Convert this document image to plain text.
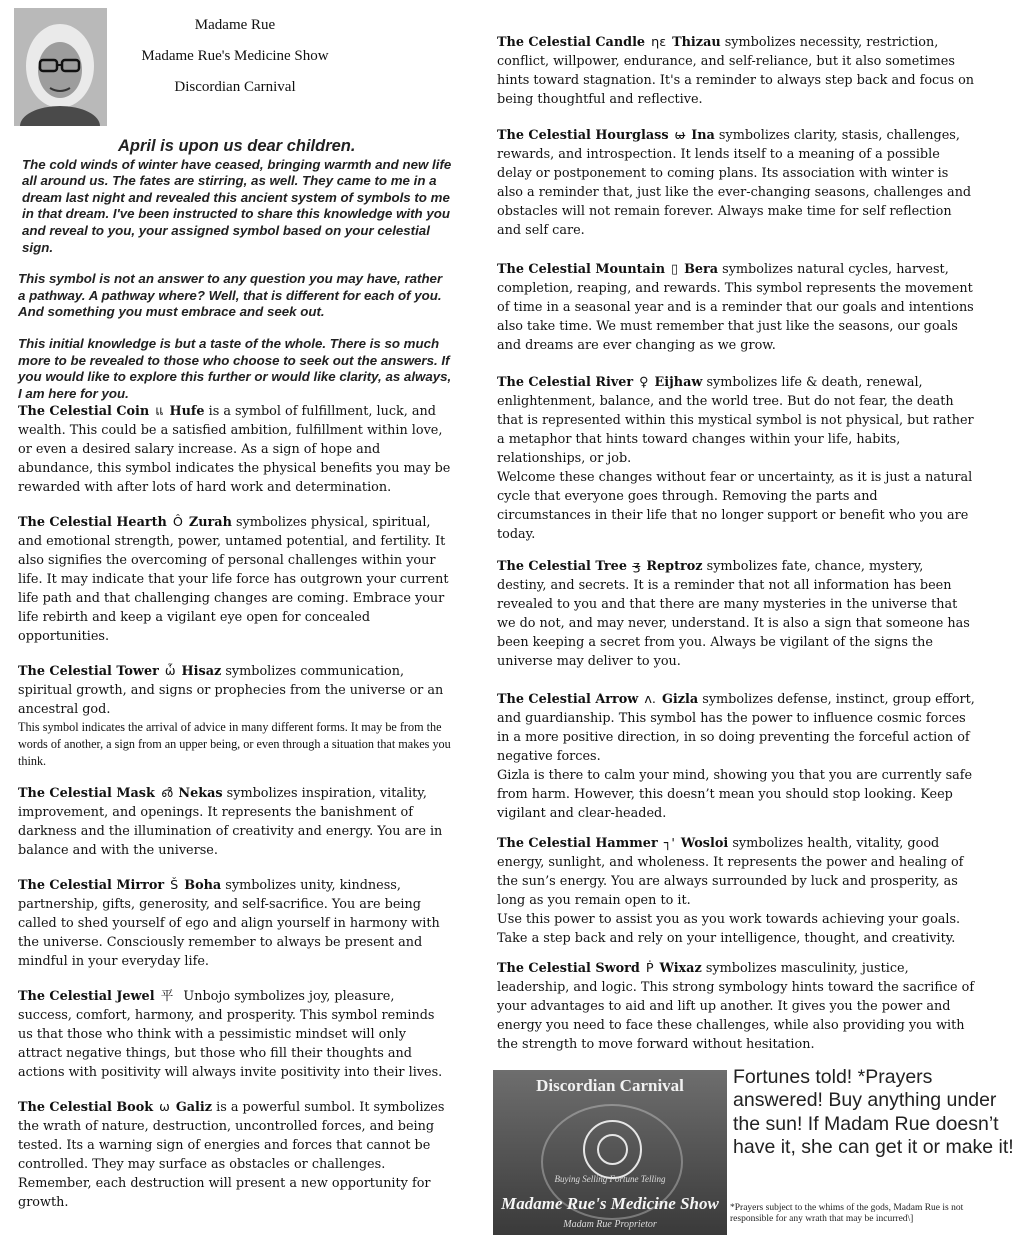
Madame Rue
Madame Rue's Medicine Show
Discordian Carnival
April is upon us dear children.

The cold winds of winter have ceased, bringing warmth and new life all around us. The fates are stirring, as well. They came to me in a dream last night and revealed this ancient system of symbols to me in that dream. I've been instructed to share this knowledge with you and reveal to you, your assigned symbol based on your celestial sign.

This symbol is not an answer to any question you may have, rather a pathway. A pathway where? Well, that is different for each of you. And something you must embrace and seek out.

This initial knowledge is but a taste of the whole. There is so much more to be revealed to those who choose to seek out the answers. If you would like to explore this further or would like clarity, as always, I am here for you.

The Celestial Coin แ Hufe is a symbol of fulfillment, luck, and wealth. This could be a satisfied ambition, fulfillment within love, or even a desired salary increase. As a sign of hope and abundance, this symbol indicates the physical benefits you may be rewarded with after lots of hard work and determination.
The Celestial Hearth Ô Zurah symbolizes physical, spiritual, and emotional strength, power, untamed potential, and fertility. It also signifies the overcoming of personal challenges within your life. It may indicate that your life force has outgrown your current life path and that challenging changes are coming. Embrace your life rebirth and keep a vigilant eye open for concealed opportunities.
The Celestial Tower ὧ Hisaz symbolizes communication, spiritual growth, and signs or prophecies from the universe or an ancestral god.
This symbol indicates the arrival of advice in many different forms. It may be from the words of another, a sign from an upper being, or even through a situation that makes you think.
The Celestial Mask ൴ Nekas symbolizes inspiration, vitality, improvement, and openings. It represents the banishment of darkness and the illumination of creativity and energy. You are in balance and with the universe.
The Celestial Mirror Š Boha symbolizes unity, kindness, partnership, gifts, generosity, and self-sacrifice. You are being called to shed yourself of ego and align yourself in harmony with the universe. Consciously remember to always be present and mindful in your everyday life.
The Celestial Jewel 平 Unbojo symbolizes joy, pleasure, success, comfort, harmony, and prosperity. This symbol reminds us that those who think with a pessimistic mindset will only attract negative things, but those who fill their thoughts and actions with positivity will always invite positivity into their lives.
The Celestial Book ω Galiz is a powerful sumbol. It symbolizes the wrath of nature, destruction, uncontrolled forces, and being tested. Its a warning sign of energies and forces that cannot be controlled. They may surface as obstacles or challenges. Remember, each destruction will present a new opportunity for growth.
The Celestial Candle ηε Thizau symbolizes necessity, restriction, conflict, willpower, endurance, and self-reliance, but it also sometimes hints toward stagnation. It's a reminder to always step back and focus on being thoughtful and reflective.
The Celestial Hourglass ω̶ Ina symbolizes clarity, stasis, challenges, rewards, and introspection. It lends itself to a meaning of a possible delay or postponement to coming plans. Its association with winter is also a reminder that, just like the ever-changing seasons, challenges and obstacles will not remain forever. Always make time for self reflection and self care.
The Celestial Mountain ▯ Bera symbolizes natural cycles, harvest, completion, reaping, and rewards. This symbol represents the movement of time in a seasonal year and is a reminder that our goals and intentions also take time. We must remember that just like the seasons, our goals and dreams are ever changing as we grow.
The Celestial River ♀ Eijhaw symbolizes life & death, renewal, enlightenment, balance, and the world tree. But do not fear, the death that is represented within this mystical symbol is not physical, but rather a metaphor that hints toward changes within your life, habits, relationships, or job.
Welcome these changes without fear or uncertainty, as it is just a natural cycle that everyone goes through. Removing the parts and circumstances in their life that no longer support or benefit who you are today.
The Celestial Tree ʒ̶ Reptroz symbolizes fate, chance, mystery, destiny, and secrets. It is a reminder that not all information has been revealed to you and that there are many mysteries in the universe that we do not, and may never, understand. It is also a sign that someone has been keeping a secret from you. Always be vigilant of the signs the universe may deliver to you.
The Celestial Arrow ʌ. Gizla symbolizes defense, instinct, group effort, and guardianship. This symbol has the power to influence cosmic forces in a more positive direction, in so doing preventing the forceful action of negative forces.
Gizla is there to calm your mind, showing you that you are currently safe from harm. However, this doesn’t mean you should stop looking. Keep vigilant and clear-headed.
The Celestial Hammer ┐' Wosloi symbolizes health, vitality, good energy, sunlight, and wholeness. It represents the power and healing of the sun’s energy. You are always surrounded by luck and prosperity, as long as you remain open to it.
Use this power to assist you as you work towards achieving your goals. Take a step back and rely on your intelligence, thought, and creativity.
The Celestial Sword Ṗ Wixaz symbolizes masculinity, justice, leadership, and logic. This strong symbology hints toward the sacrifice of your advantages to aid and lift up another. It gives you the power and energy you need to face these challenges, while also providing you with the strength to move forward without hesitation.
Discordian Carnival
Buying Selling Fortune Telling
Madame Rue's Medicine Show
Madam Rue Proprietor
Fortunes told! *Prayers answered! Buy anything under the sun! If Madam Rue doesn’t have it, she can get it or make it!
*Prayers subject to the whims of the gods, Madam Rue is not responsible for any wrath that may be incurred\]
